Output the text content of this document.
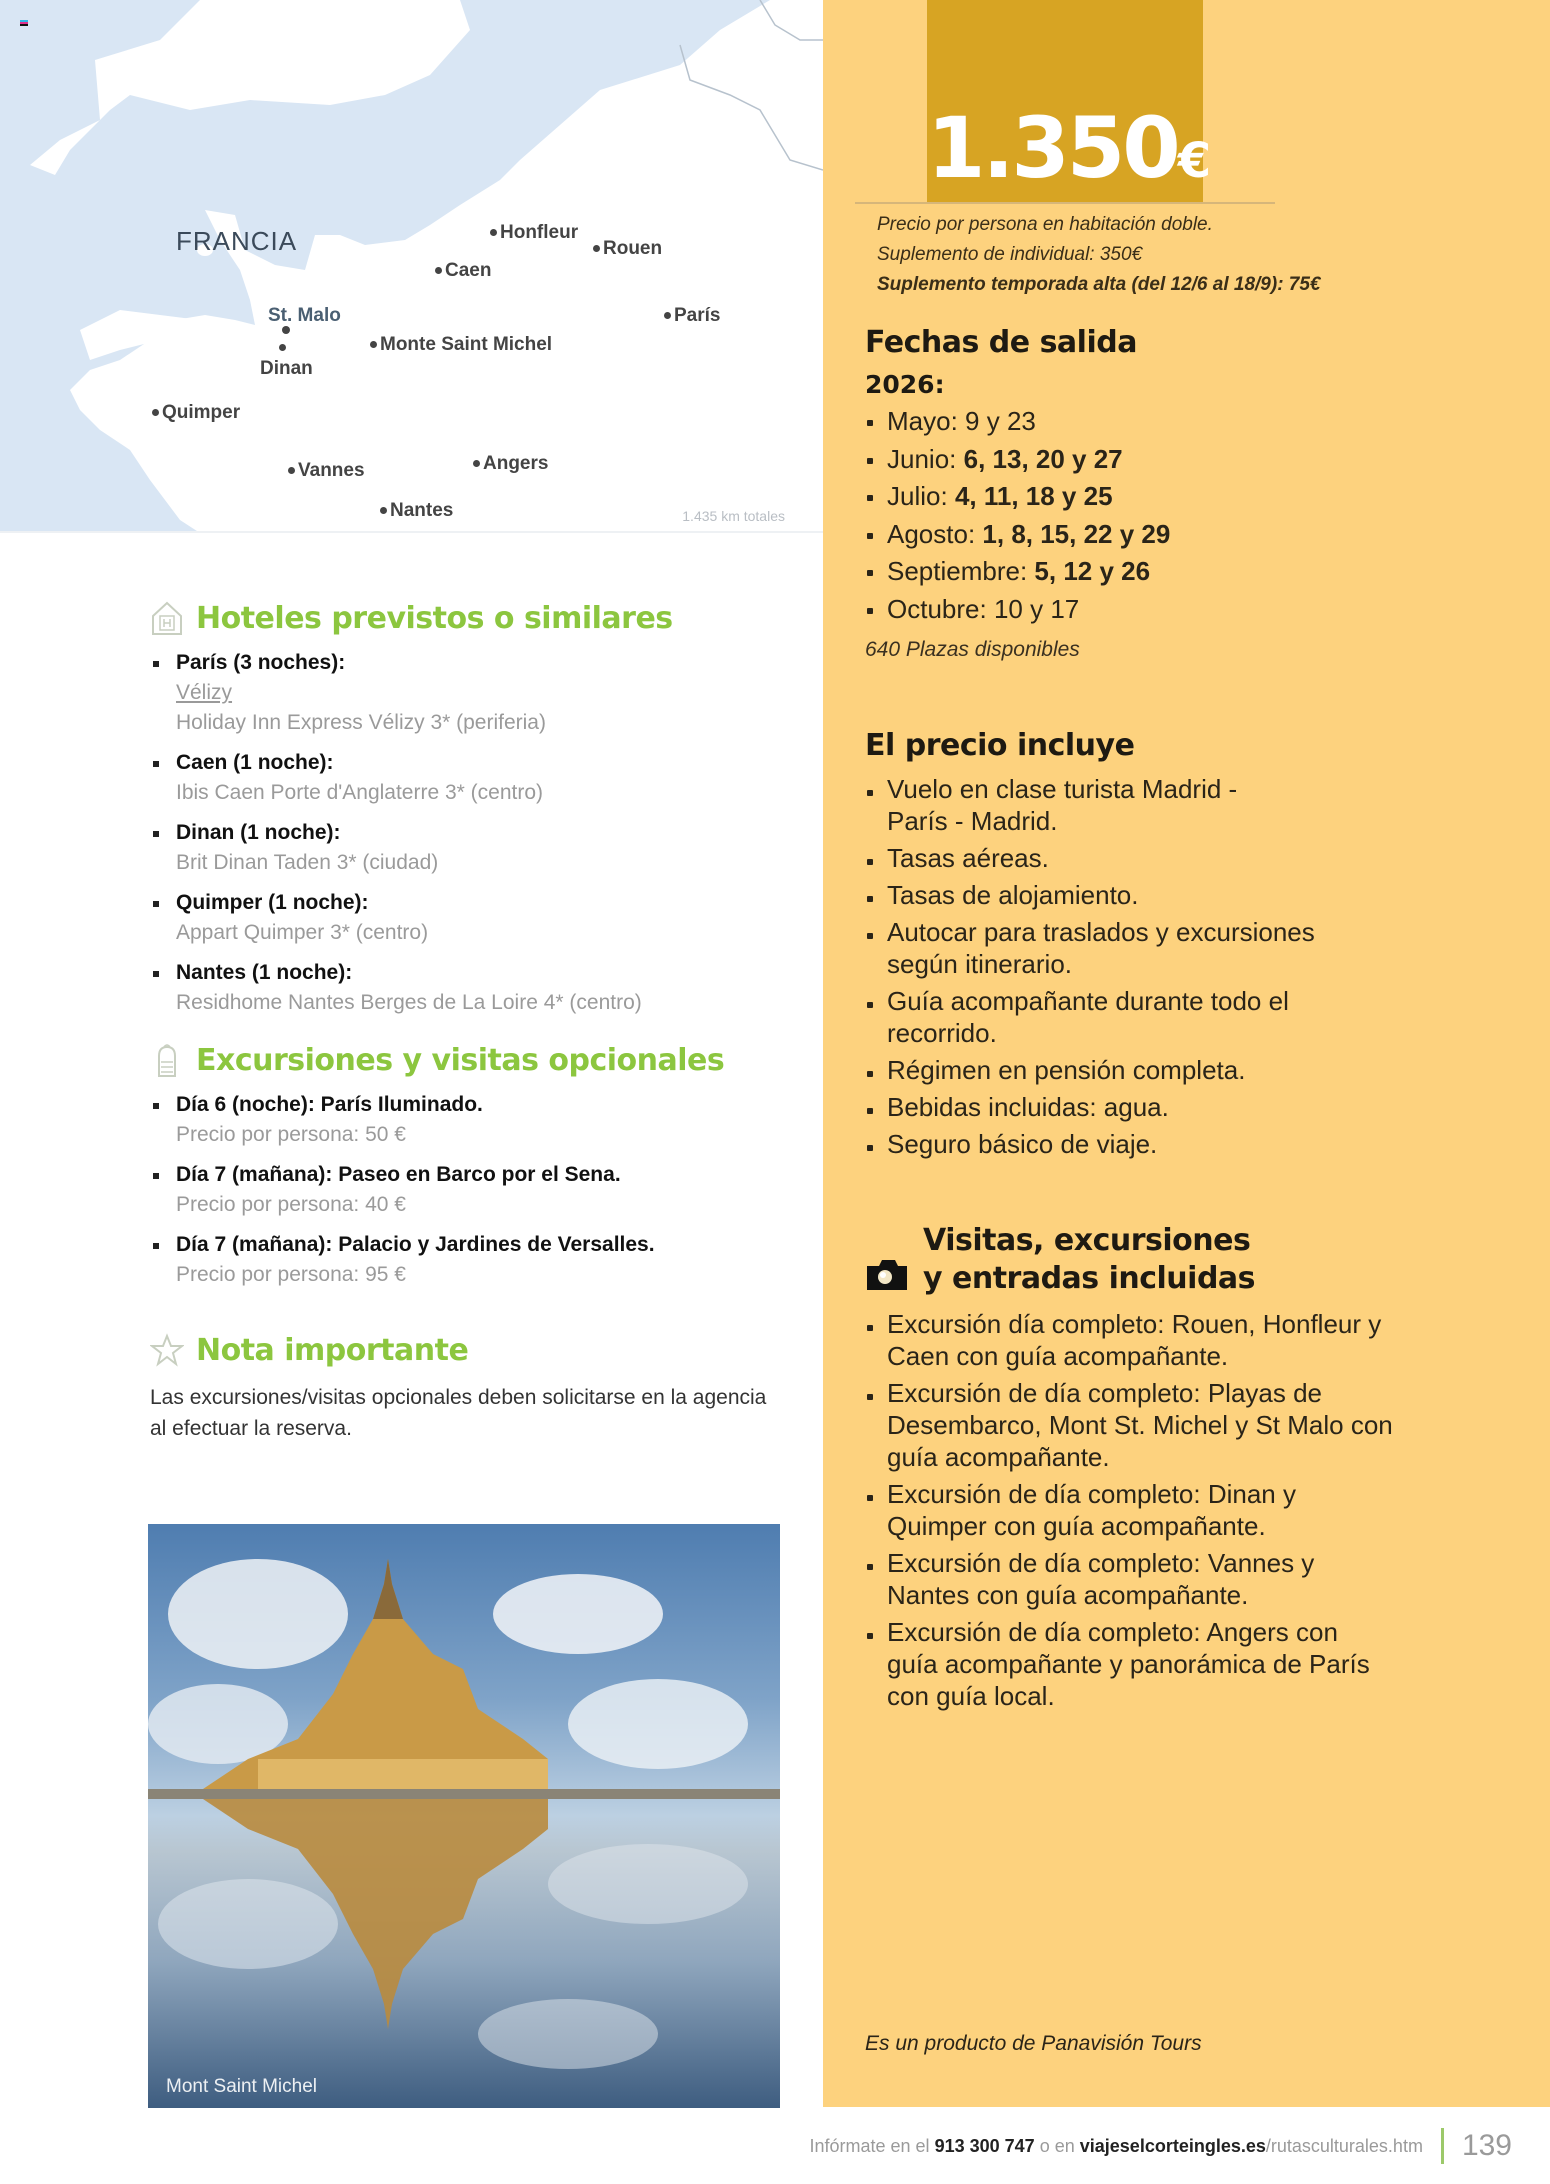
FRANCIA	Honfleur
Rouen
Caen
St. Malo	París
Monte Saint Michel
Dinan
Quimper
Vannes	Angers
Nantes	1.435 km totales
Hoteles previstos o similares
París (3 noches):
Vélizy
Holiday Inn Express Vélizy 3* (periferia)
Caen (1 noche):
Ibis Caen Porte d'Anglaterre 3* (centro)
Dinan (1 noche):
Brit Dinan Taden 3* (ciudad)
Quimper (1 noche):
Appart Quimper 3* (centro)
Nantes (1 noche):
Residhome Nantes Berges de La Loire 4* (centro)
Excursiones y visitas opcionales
Día 6 (noche): París Iluminado.
Precio por persona: 50 €
Día 7 (mañana): Paseo en Barco por el Sena.
Precio por persona: 40 €
Día 7 (mañana): Palacio y Jardines de Versalles.
Precio por persona: 95 €
Nota importante

Las excursiones/visitas opcionales deben solicitarse en la agencia al efectuar la reserva.

Mont Saint Michel
1.350€
Precio por persona en habitación doble.
Suplemento de individual: 350€
Suplemento temporada alta (del 12/6 al 18/9): 75€
Fechas de salida
2026:
Mayo: 9 y 23
Junio: 6, 13, 20 y 27
Julio: 4, 11, 18 y 25
Agosto: 1, 8, 15, 22 y 29
Septiembre: 5, 12 y 26
Octubre: 10 y 17
640 Plazas disponibles
El precio incluye
Vuelo en clase turista Madrid - París - Madrid.
Tasas aéreas.
Tasas de alojamiento.
Autocar para traslados y excursiones según itinerario.
Guía acompañante durante todo el recorrido.
Régimen en pensión completa.
Bebidas incluidas: agua.
Seguro básico de viaje.
Visitas, excursiones
y entradas incluidas
Excursión día completo: Rouen, Honfleur y Caen con guía acompañante.
Excursión de día completo: Playas de Desembarco, Mont St. Michel y St Malo con guía acompañante.
Excursión de día completo: Dinan y Quimper con guía acompañante.
Excursión de día completo: Vannes y Nantes con guía acompañante.
Excursión de día completo: Angers con guía acompañante y panorámica de París con guía local.
Es un producto de Panavisión Tours
Infórmate en el 913 300 747 o en viajeselcorteingles.es/rutasculturales.htm 139
